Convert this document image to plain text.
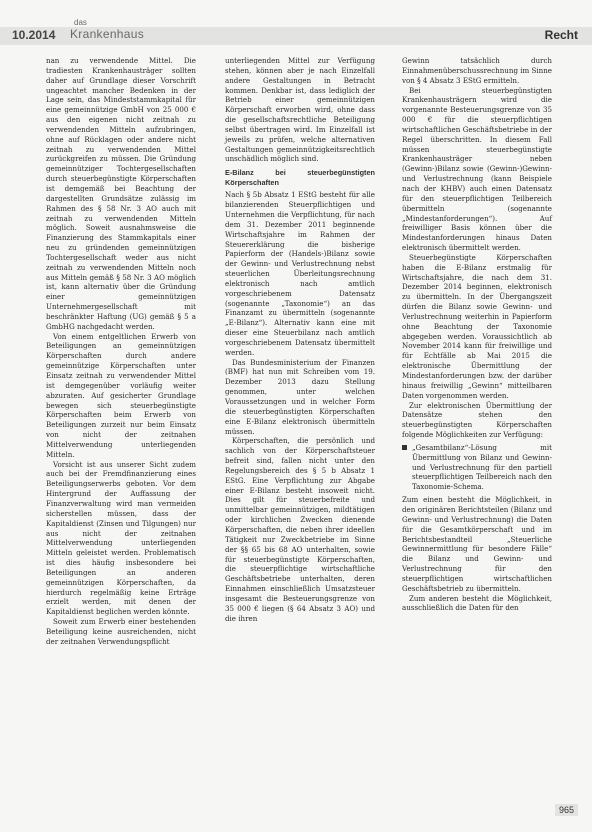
10.2014
das
Krankenhaus	Recht

nan zu verwendende Mittel. Die tradiesten Krankenhausträger sollten daher auf Grundlage dieser Vorschrift ungeachtet mancher Bedenken in der Lage sein, das Mindeststammkapital für eine gemeinnützige GmbH von 25 000 € aus den eigenen nicht zeitnah zu verwendenden Mitteln aufzubringen, ohne auf Rücklagen oder andere nicht zeitnah zu verwendenden Mittel zurückgreifen zu müssen. Die Gründung gemeinnütziger Tochtergesellschaften durch steuerbegünstigte Körperschaften ist demgemäß bei Beachtung der dargestellten Grundsätze zulässig im Rahmen des § 58 Nr. 3 AO auch mit zeitnah zu verwendenden Mitteln möglich. Soweit ausnahmsweise die Finanzierung des Stammkapitals einer neu zu gründenden gemeinnützigen Tochtergesellschaft weder aus nicht zeitnah zu verwendenden Mitteln noch aus Mitteln gemäß § 58 Nr. 3 AO möglich ist, kann alternativ über die Gründung einer gemeinnützigen Unternehmergesellschaft mit beschränkter Haftung (UG) gemäß § 5 a GmbHG nachgedacht werden.

Von einem entgeltlichen Erwerb von Beteiligungen an gemeinnützigen Körperschaften durch andere gemeinnützige Körperschaften unter Einsatz zeitnah zu verwendender Mittel ist demgegenüber vorläufig weiter abzuraten. Auf gesicherter Grundlage bewegen sich steuerbegünstigte Körperschaften beim Erwerb von Beteiligungen zurzeit nur beim Einsatz von nicht der zeitnahen Mittelverwendung unterliegenden Mitteln.

Vorsicht ist aus unserer Sicht zudem auch bei der Fremdfinanzierung eines Beteiligungserwerbs geboten. Vor dem Hintergrund der Auffassung der Finanzverwaltung wird man vermeiden sicherstellen müssen, dass der Kapitaldienst (Zinsen und Tilgungen) nur aus nicht der zeitnahen Mittelverwendung unterliegenden Mitteln geleistet werden. Problematisch ist dies häufig insbesondere bei Beteiligungen an anderen gemeinnützigen Körperschaften, da hierdurch regelmäßig keine Erträge erzielt werden, mit denen der Kapitaldienst beglichen werden könnte.

Soweit zum Erwerb einer bestehenden Beteiligung keine ausreichenden, nicht der zeitnahen Verwendungspflicht

unterliegenden Mittel zur Verfügung stehen, können aber je nach Einzelfall andere Gestaltungen in Betracht kommen. Denkbar ist, dass lediglich der Betrieb einer gemeinnützigen Körperschaft erworben wird, ohne dass die gesellschaftsrechtliche Beteiligung selbst übertragen wird. Im Einzelfall ist jeweils zu prüfen, welche alternativen Gestaltungen gemeinnützigkeitsrechtlich unschädlich möglich sind.

E-Bilanz bei steuerbegünstigten Körperschaften

Nach § 5b Absatz 1 EStG besteht für alle bilanzierenden Steuerpflichtigen und Unternehmen die Verpflichtung, für nach dem 31. Dezember 2011 beginnende Wirtschaftsjahre im Rahmen der Steuererklärung die bisherige Papierform der (Handels-)Bilanz sowie der Gewinn- und Verlustrechnung nebst steuerlichen Überleitungsrechnung elektronisch nach amtlich vorgeschriebenem Datensatz (sogenannte „Taxonomie“) an das Finanzamt zu übermitteln (sogenannte „E-Bilanz“). Alternativ kann eine mit dieser eine Steuerbilanz nach amtlich vorgeschriebenem Datensatz übermittelt werden.

Das Bundesministerium der Finanzen (BMF) hat nun mit Schreiben vom 19. Dezember 2013 dazu Stellung genommen, unter welchen Voraussetzungen und in welcher Form die steuerbegünstigten Körperschaften eine E-Bilanz elektronisch übermitteln müssen.

Körperschaften, die persönlich und sachlich von der Körperschaftsteuer befreit sind, fallen nicht unter den Regelungsbereich des § 5 b Absatz 1 EStG. Eine Verpflichtung zur Abgabe einer E-Bilanz besteht insoweit nicht. Dies gilt für steuerbefreite und unmittelbar gemeinnützigen, mildtätigen oder kirchlichen Zwecken dienende Körperschaften, die neben ihrer ideellen Tätigkeit nur Zweckbetriebe im Sinne der §§ 65 bis 68 AO unterhalten, sowie für steuerbegünstigte Körperschaften, die steuerpflichtige wirtschaftliche Geschäftsbetriebe unterhalten, deren Einnahmen einschließlich Umsatzsteuer insgesamt die Besteuerungsgrenze von 35 000 € liegen (§ 64 Absatz 3 AO) und die ihren

Gewinn tatsächlich durch Einnahmenüberschussrechnung im Sinne von § 4 Absatz 3 EStG ermitteln.

Bei steuerbegünstigten Krankenhausträgern wird die vorgenannte Besteuerungsgrenze von 35 000 € für die steuerpflichtigen wirtschaftlichen Geschäftsbetriebe in der Regel überschritten. In diesem Fall müssen steuerbegünstigte Krankenhausträger neben (Gewinn-)Bilanz sowie (Gewinn-)Gewinn- und Verlustrechnung (kann Beispiele nach der KHBV) auch einen Datensatz für den steuerpflichtigen Teilbereich übermitteln (sogenannte „Mindestanforderungen“). Auf freiwilliger Basis können über die Mindestanforderungen hinaus Daten elektronisch übermittelt werden.

Steuerbegünstigte Körperschaften haben die E-Bilanz erstmalig für Wirtschaftsjahre, die nach dem 31. Dezember 2014 beginnen, elektronisch zu übermitteln. In der Übergangszeit dürfen die Bilanz sowie Gewinn- und Verlustrechnung weiterhin in Papierform ohne Beachtung der Taxonomie abgegeben werden. Voraussichtlich ab November 2014 kann für freiwillige und für Echtfälle ab Mai 2015 die elektronische Übermittlung der Mindestanforderungen bzw. der darüber hinaus freiwillig „Gewinn“ mitteilbaren Daten vorgenommen werden.

Zur elektronischen Übermittlung der Datensätze stehen den steuerbegünstigten Körperschaften folgende Möglichkeiten zur Verfügung:

„Gesamtbilanz“-Lösung mit Übermittlung von Bilanz und Gewinn- und Verlustrechnung für den partiell steuerpflichtigen Teilbereich nach den Taxonomie-Schema.

Zum einen besteht die Möglichkeit, in den originären Berichtsteilen (Bilanz und Gewinn- und Verlustrechnung) die Daten für die Gesamtkörperschaft und im Berichtsbestandteil „Steuerliche Gewinnermittlung für besondere Fälle“ die Bilanz und Gewinn- und Verlustrechnung für den steuerpflichtigen wirtschaftlichen Geschäftsbetrieb zu übermitteln.

Zum anderen besteht die Möglichkeit, ausschließlich die Daten für den

965
